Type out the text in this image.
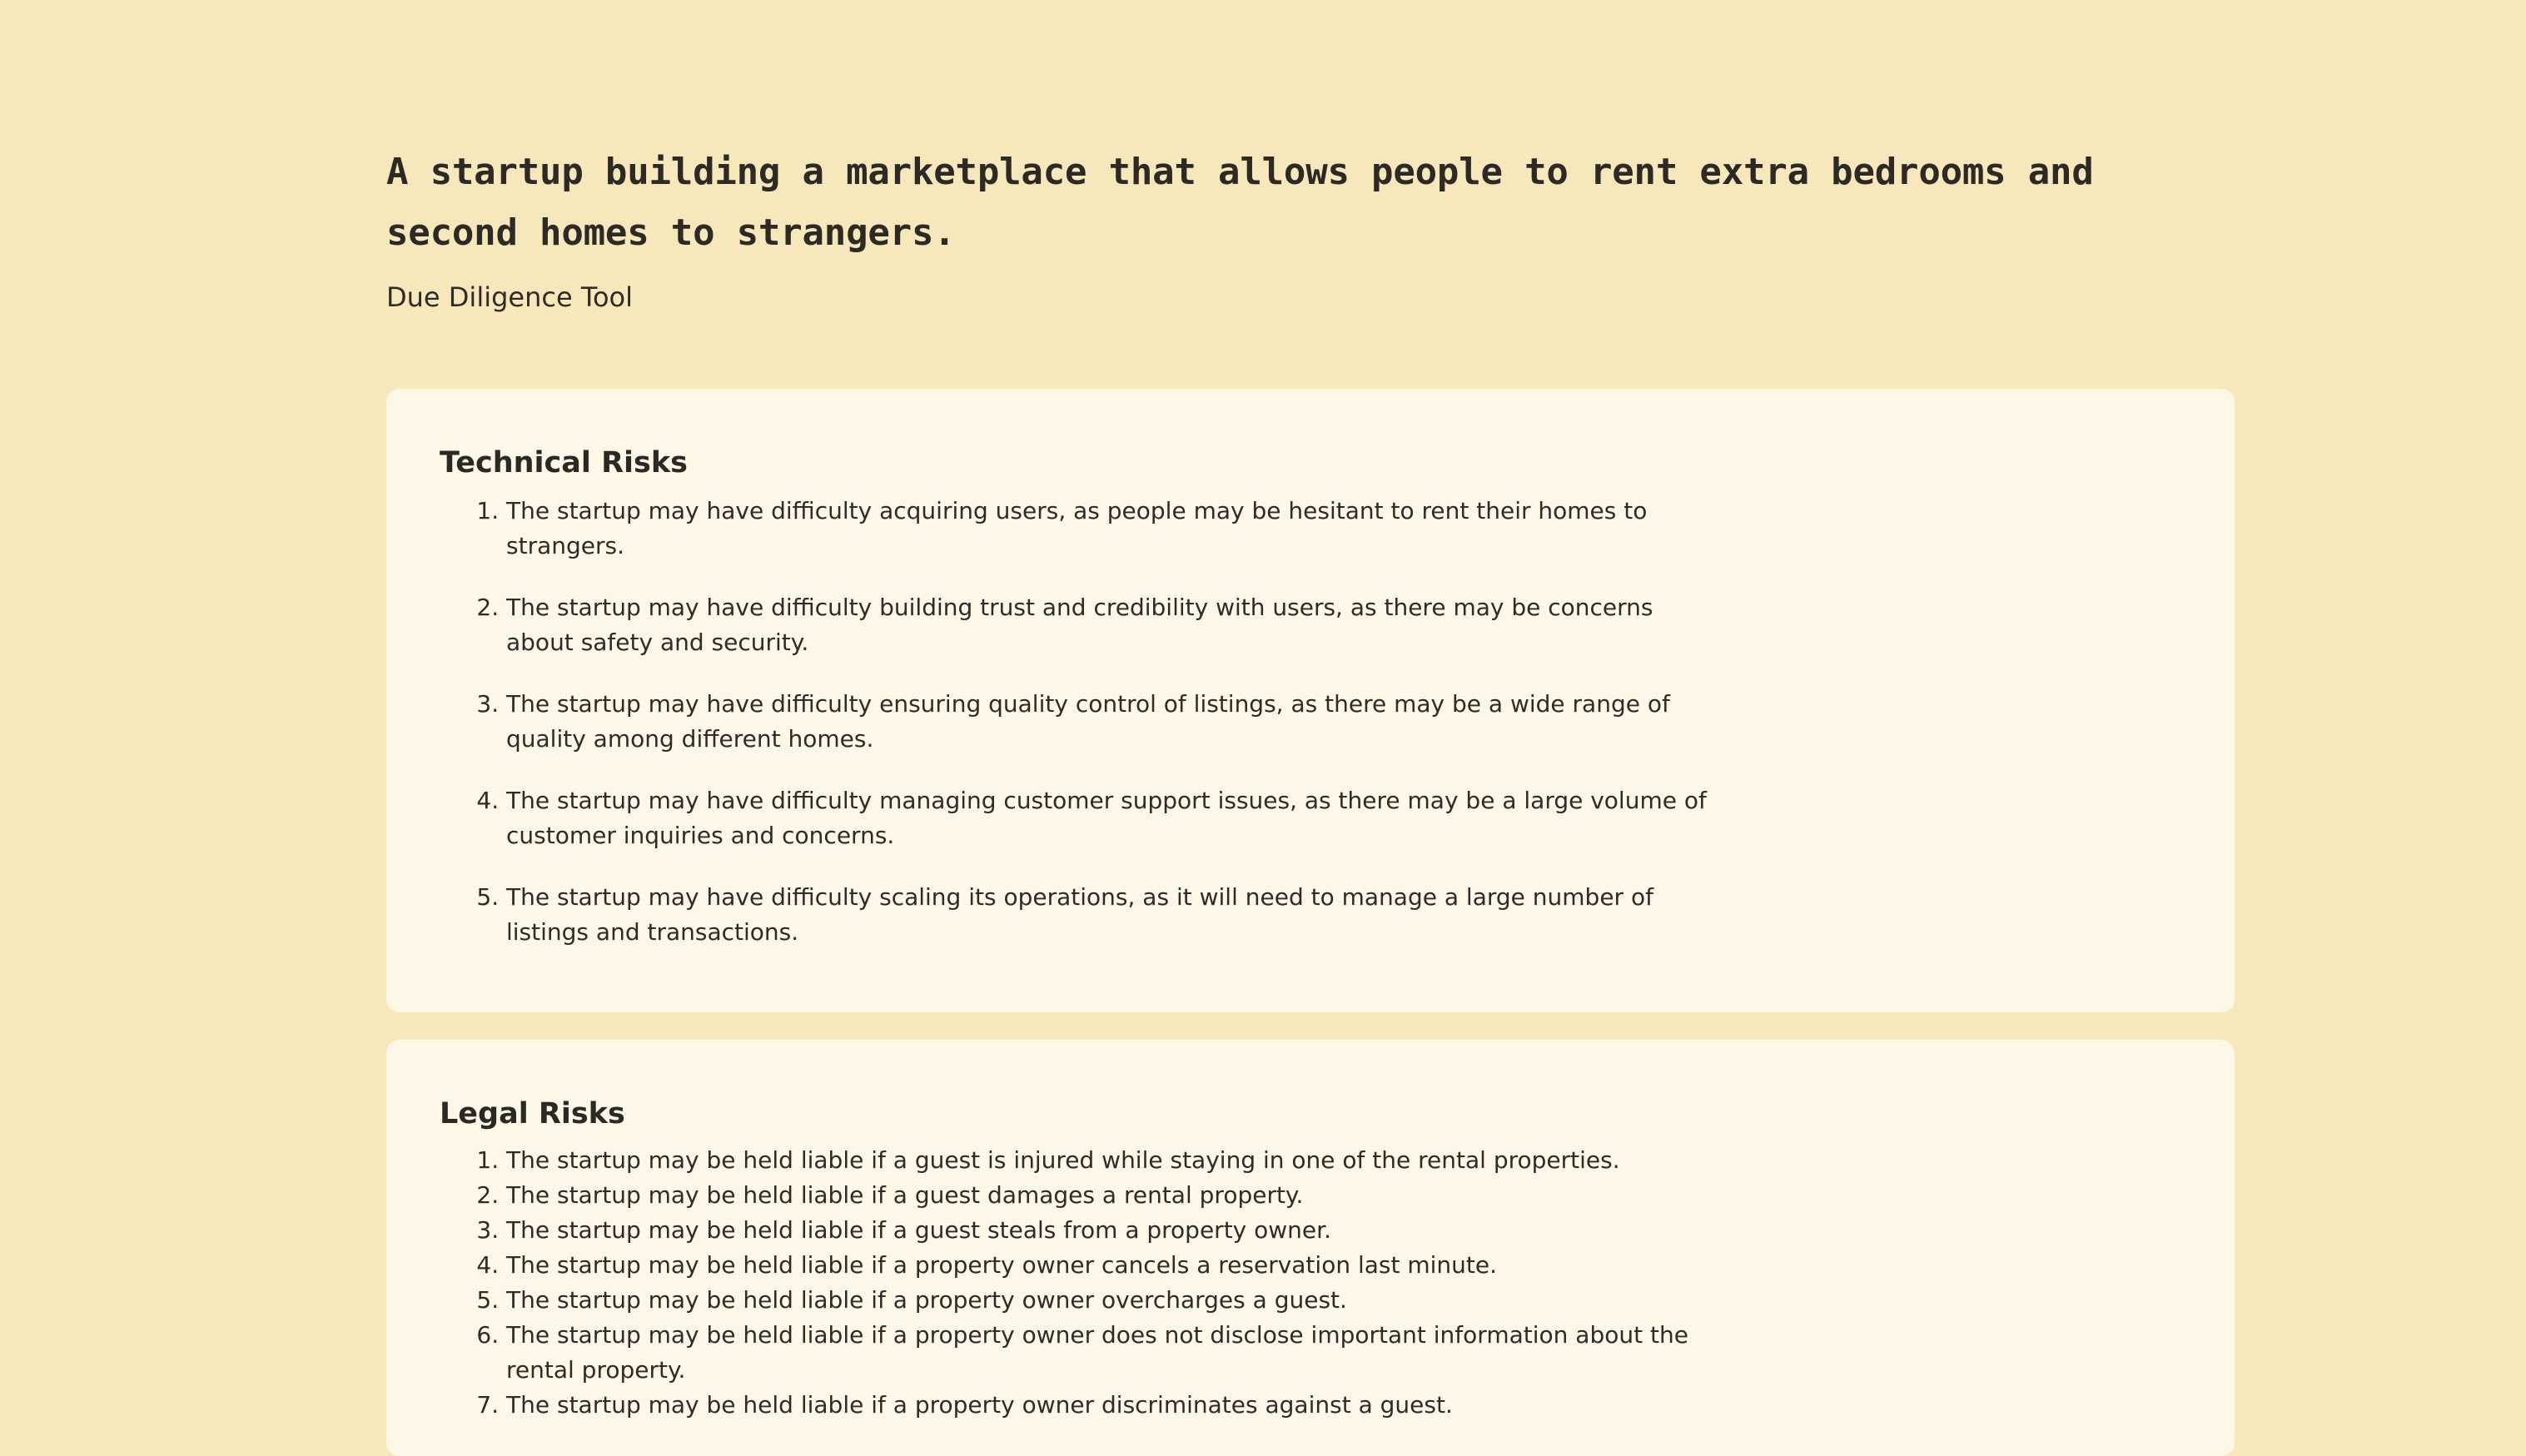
A startup building a marketplace that allows people to rent extra bedrooms and second homes to strangers.
Due Diligence Tool
Technical Risks
1. The startup may have difficulty acquiring users, as people may be hesitant to rent their homes to strangers.
2. The startup may have difficulty building trust and credibility with users, as there may be concerns about safety and security.
3. The startup may have difficulty ensuring quality control of listings, as there may be a wide range of quality among different homes.
4. The startup may have difficulty managing customer support issues, as there may be a large volume of customer inquiries and concerns.
5. The startup may have difficulty scaling its operations, as it will need to manage a large number of listings and transactions.
Legal Risks
1. The startup may be held liable if a guest is injured while staying in one of the rental properties.
2. The startup may be held liable if a guest damages a rental property.
3. The startup may be held liable if a guest steals from a property owner.
4. The startup may be held liable if a property owner cancels a reservation last minute.
5. The startup may be held liable if a property owner overcharges a guest.
6. The startup may be held liable if a property owner does not disclose important information about the rental property.
7. The startup may be held liable if a property owner discriminates against a guest.
